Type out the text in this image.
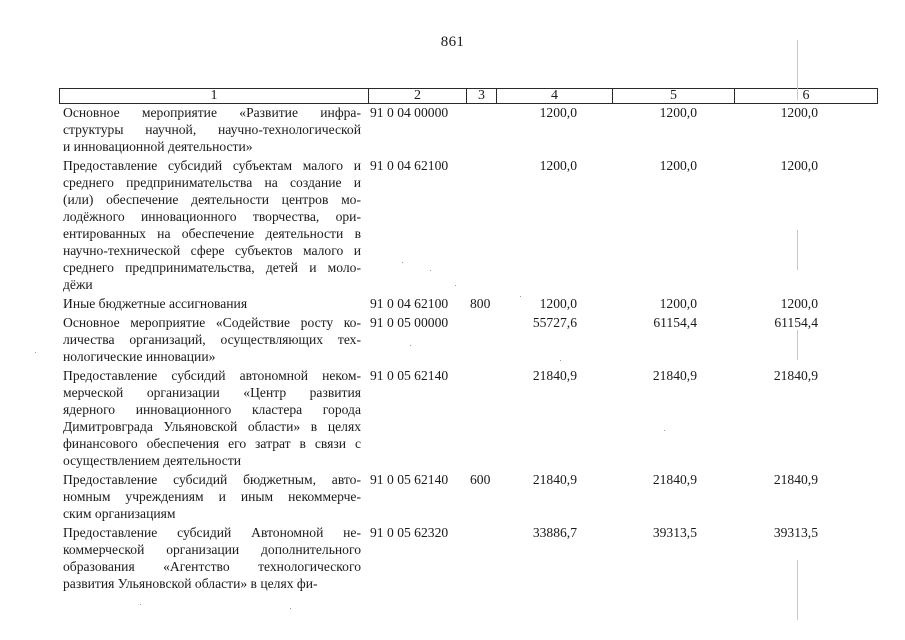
861
1	2	3	4	5	6
Основное мероприятие «Развитие инфра-
структуры научной, научно-технологической
и инновационной деятельности»
91 0 04 00000	1200,0	1200,0	1200,0
Предоставление субсидий субъектам малого и
среднего предпринимательства на создание и
(или) обеспечение деятельности центров мо-
лодёжного инновационного творчества, ори-
ентированных на обеспечение деятельности в
научно-технической сфере субъектов малого и
среднего предпринимательства, детей и моло-
дёжи
91 0 04 62100	1200,0	1200,0	1200,0
Иные бюджетные ассигнования	91 0 04 62100 800	1200,0	1200,0	1200,0
Основное мероприятие «Содействие росту ко-
личества организаций, осуществляющих тех-
нологические инновации»
91 0 05 00000	55727,6	61154,4	61154,4
Предоставление субсидий автономной неком-
мерческой организации «Центр развития
ядерного инновационного кластера города
Димитровграда Ульяновской области» в целях
финансового обеспечения его затрат в связи с
осуществлением деятельности
91 0 05 62140	21840,9	21840,9	21840,9
Предоставление субсидий бюджетным, авто-
номным учреждениям и иным некоммерче-
ским организациям
91 0 05 62140 600	21840,9	21840,9	21840,9
Предоставление субсидий Автономной не-
коммерческой организации дополнительного
образования «Агентство технологического
развития Ульяновской области» в целях фи-
91 0 05 62320	33886,7	39313,5	39313,5
